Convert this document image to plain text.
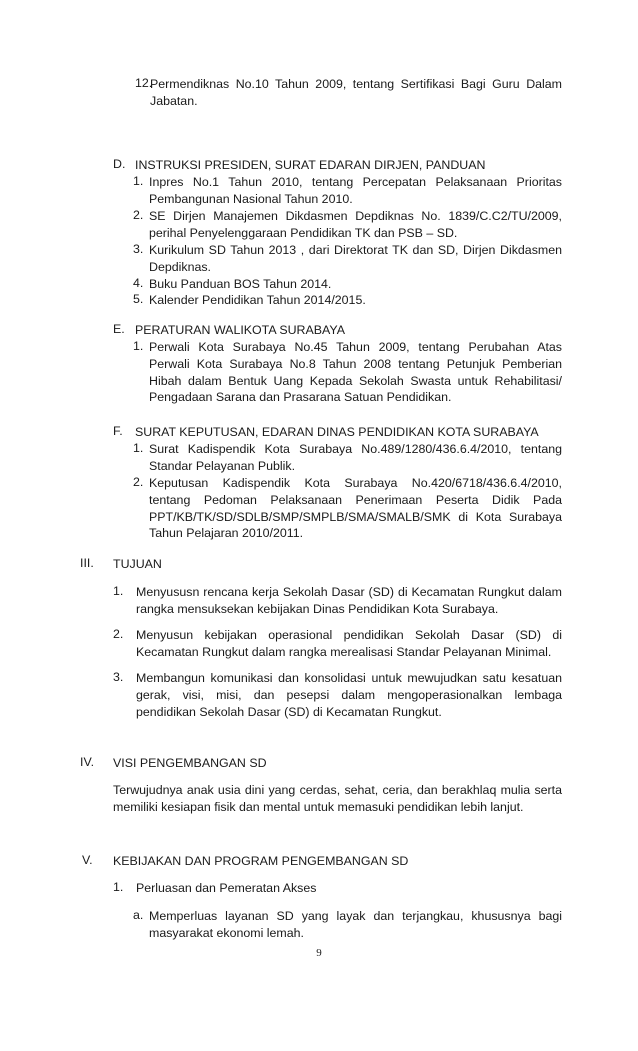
12.
Permendiknas No.10 Tahun 2009, tentang Sertifikasi Bagi Guru Dalam Jabatan.
D. INSTRUKSI PRESIDEN, SURAT EDARAN DIRJEN, PANDUAN
1. Inpres No.1 Tahun 2010, tentang Percepatan Pelaksanaan Prioritas Pembangunan Nasional Tahun 2010.
2. SE Dirjen Manajemen Dikdasmen Depdiknas No. 1839/C.C2/TU/2009, perihal Penyelenggaraan Pendidikan TK dan PSB – SD.
3. Kurikulum SD Tahun 2013 , dari Direktorat TK dan SD, Dirjen Dikdasmen Depdiknas.
4. Buku Panduan BOS Tahun 2014.
5. Kalender Pendidikan Tahun 2014/2015.
E. PERATURAN WALIKOTA SURABAYA
1. Perwali Kota Surabaya No.45 Tahun 2009, tentang Perubahan Atas Perwali Kota Surabaya No.8 Tahun 2008 tentang Petunjuk Pemberian Hibah dalam Bentuk Uang Kepada Sekolah Swasta untuk Rehabilitasi/ Pengadaan Sarana dan Prasarana Satuan Pendidikan.
F. SURAT KEPUTUSAN, EDARAN DINAS PENDIDIKAN KOTA SURABAYA
1. Surat Kadispendik Kota Surabaya No.489/1280/436.6.4/2010, tentang Standar Pelayanan Publik.
2. Keputusan Kadispendik Kota Surabaya No.420/6718/436.6.4/2010, tentang Pedoman Pelaksanaan Penerimaan Peserta Didik Pada PPT/KB/TK/SD/SDLB/SMP/SMPLB/SMA/SMALB/SMK di Kota Surabaya Tahun Pelajaran 2010/2011.
III. TUJUAN
1. Menyususn rencana kerja Sekolah Dasar (SD) di Kecamatan Rungkut dalam rangka mensuksekan kebijakan Dinas Pendidikan Kota Surabaya.
2. Menyusun kebijakan operasional pendidikan Sekolah Dasar (SD) di Kecamatan Rungkut dalam rangka merealisasi Standar Pelayanan Minimal.
3. Membangun komunikasi dan konsolidasi untuk mewujudkan satu kesatuan gerak, visi, misi, dan pesepsi dalam mengoperasionalkan lembaga pendidikan Sekolah Dasar (SD) di Kecamatan Rungkut.
IV. VISI PENGEMBANGAN SD
Terwujudnya anak usia dini yang cerdas, sehat, ceria, dan berakhlaq mulia serta memiliki kesiapan fisik dan mental untuk memasuki pendidikan lebih lanjut.
V. KEBIJAKAN DAN PROGRAM PENGEMBANGAN SD
1. Perluasan dan Pemeratan Akses
a. Memperluas layanan SD yang layak dan terjangkau, khususnya bagi masyarakat ekonomi lemah.
9
